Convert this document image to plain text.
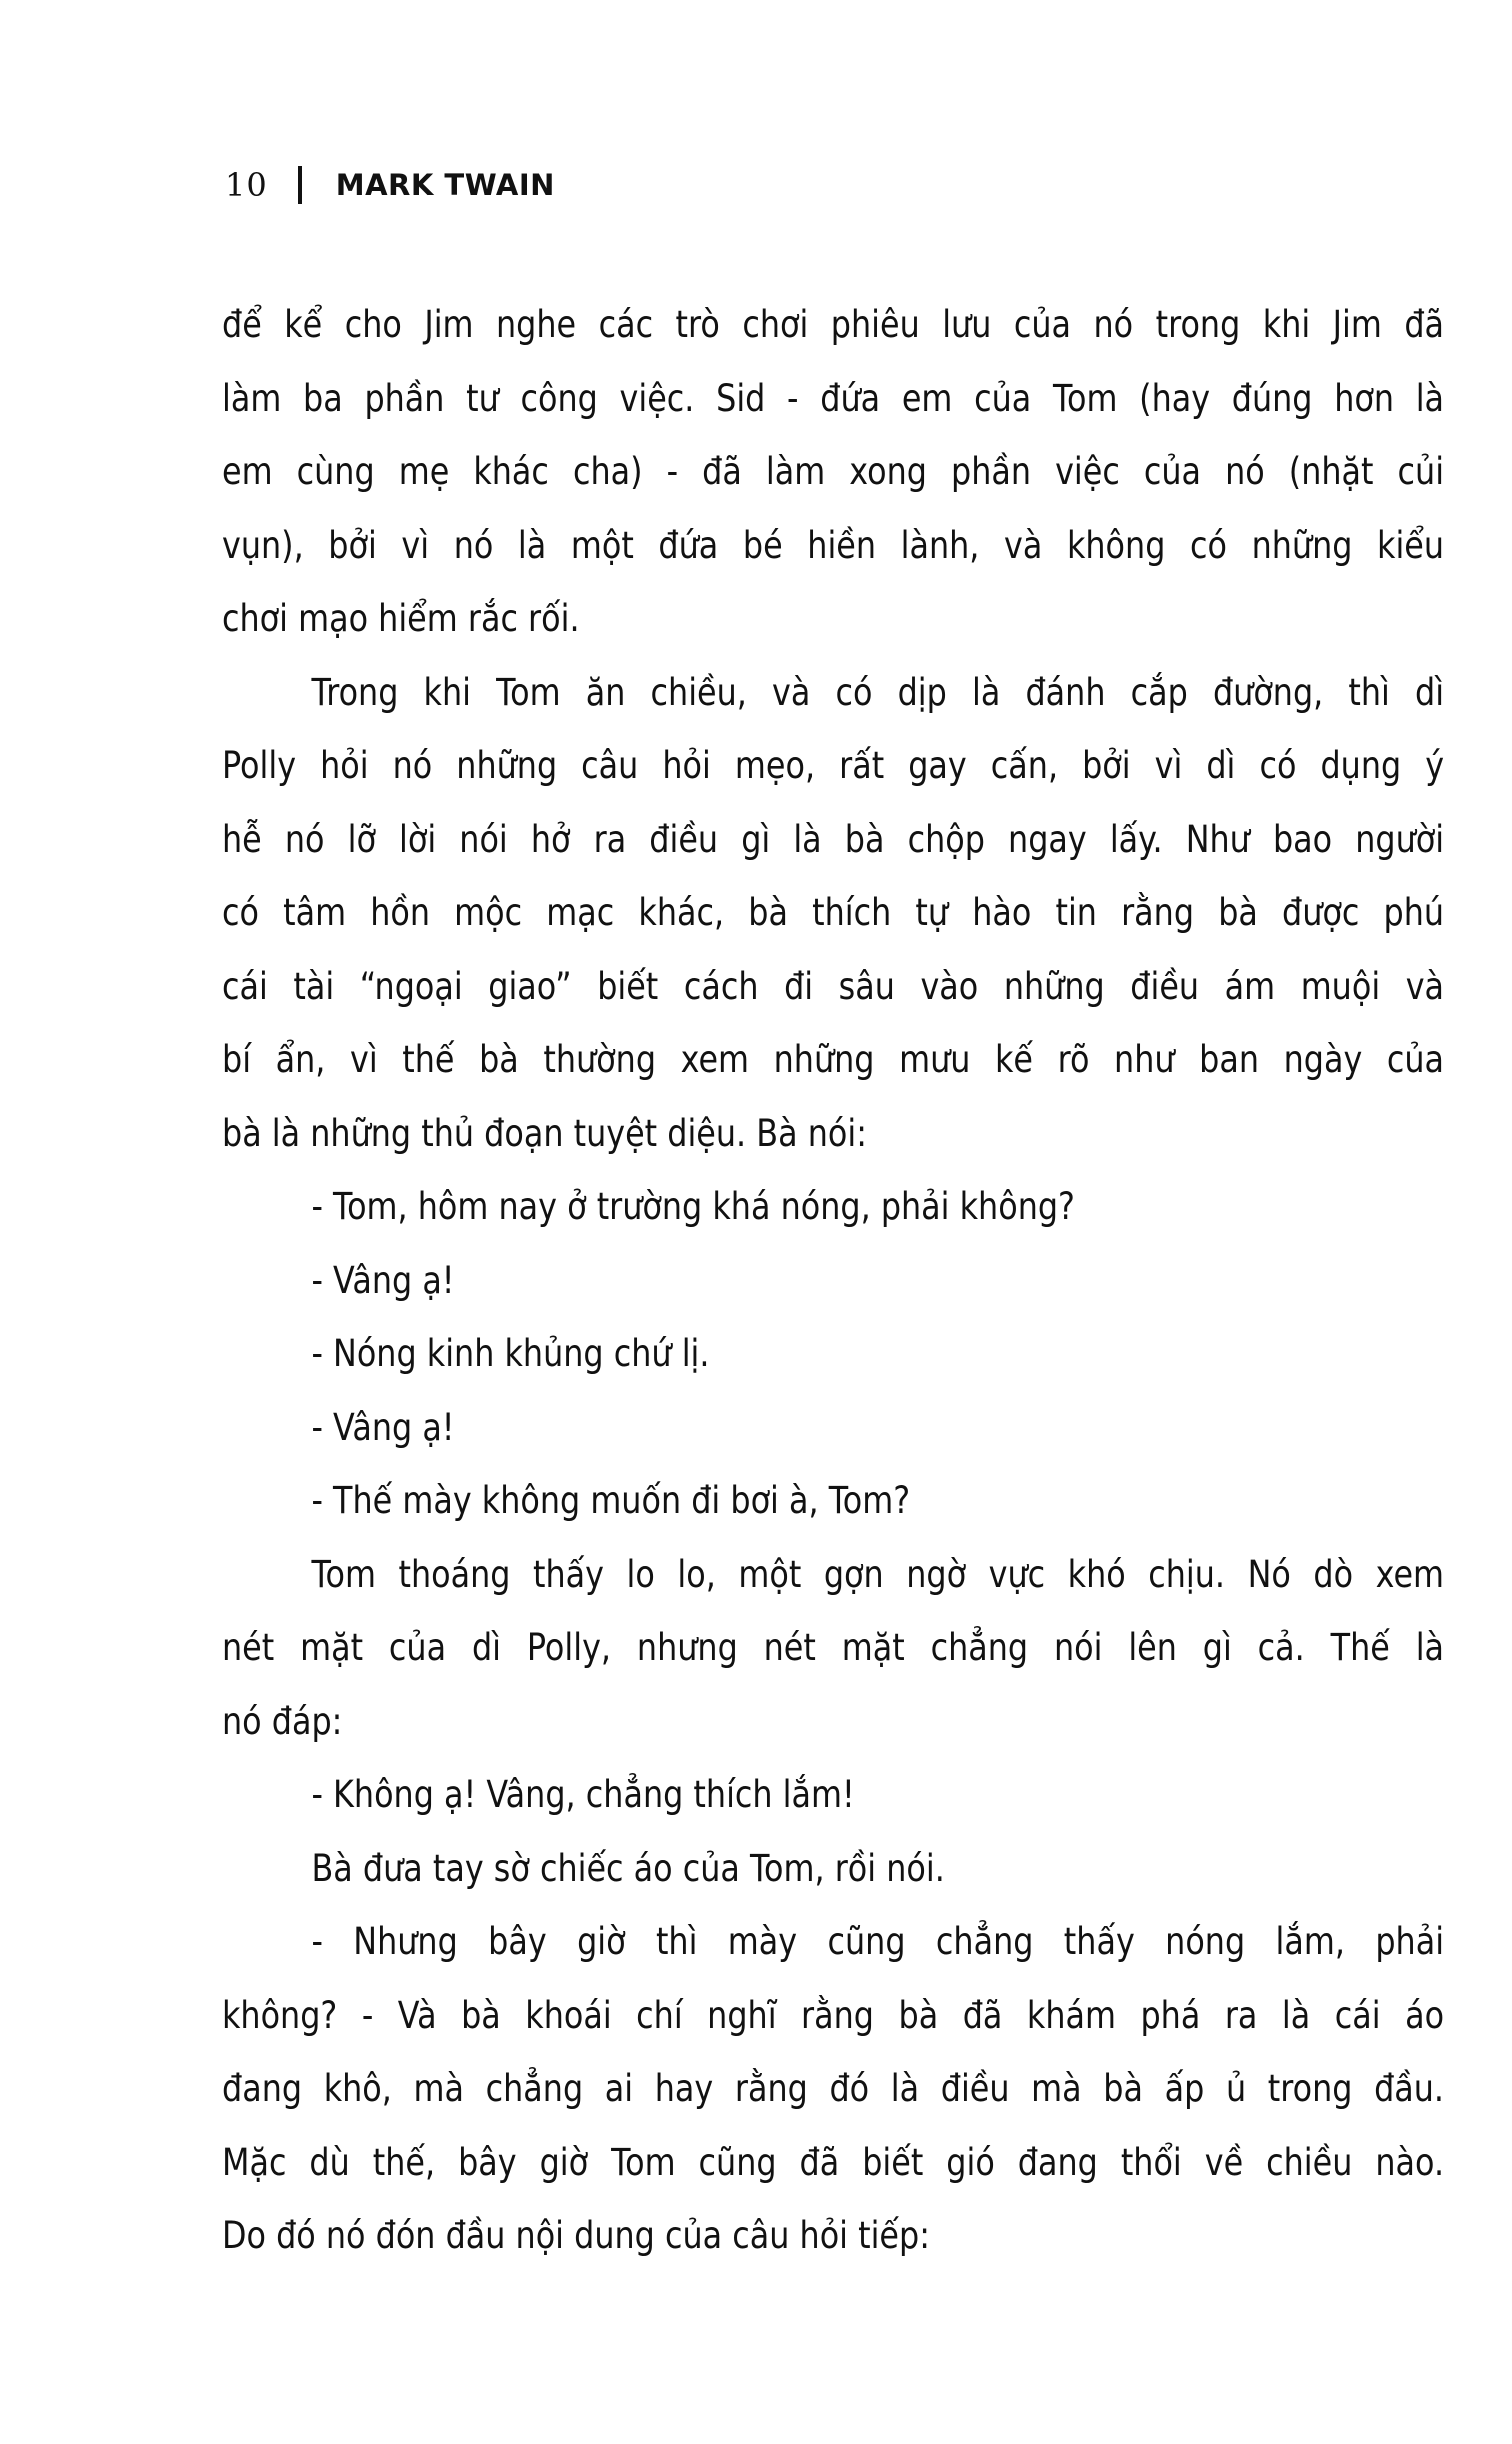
10 MARK TWAIN
để kể cho Jim nghe các trò chơi phiêu lưu của nó trong khi Jim đã
làm ba phần tư công việc. Sid - đứa em của Tom (hay đúng hơn là
em cùng mẹ khác cha) - đã làm xong phần việc của nó (nhặt củi
vụn), bởi vì nó là một đứa bé hiền lành, và không có những kiểu
chơi mạo hiểm rắc rối.
Trong khi Tom ăn chiều, và có dịp là đánh cắp đường, thì dì
Polly hỏi nó những câu hỏi mẹo, rất gay cấn, bởi vì dì có dụng ý
hễ nó lỡ lời nói hở ra điều gì là bà chộp ngay lấy. Như bao người
có tâm hồn mộc mạc khác, bà thích tự hào tin rằng bà được phú
cái tài “ngoại giao” biết cách đi sâu vào những điều ám muội và
bí ẩn, vì thế bà thường xem những mưu kế rõ như ban ngày của
bà là những thủ đoạn tuyệt diệu. Bà nói:
- Tom, hôm nay ở trường khá nóng, phải không?
- Vâng ạ!
- Nóng kinh khủng chứ lị.
- Vâng ạ!
- Thế mày không muốn đi bơi à, Tom?
Tom thoáng thấy lo lo, một gợn ngờ vực khó chịu. Nó dò xem
nét mặt của dì Polly, nhưng nét mặt chẳng nói lên gì cả. Thế là
nó đáp:
- Không ạ! Vâng, chẳng thích lắm!
Bà đưa tay sờ chiếc áo của Tom, rồi nói.
- Nhưng bây giờ thì mày cũng chẳng thấy nóng lắm, phải
không? - Và bà khoái chí nghĩ rằng bà đã khám phá ra là cái áo
đang khô, mà chẳng ai hay rằng đó là điều mà bà ấp ủ trong đầu.
Mặc dù thế, bây giờ Tom cũng đã biết gió đang thổi về chiều nào.
Do đó nó đón đầu nội dung của câu hỏi tiếp:
